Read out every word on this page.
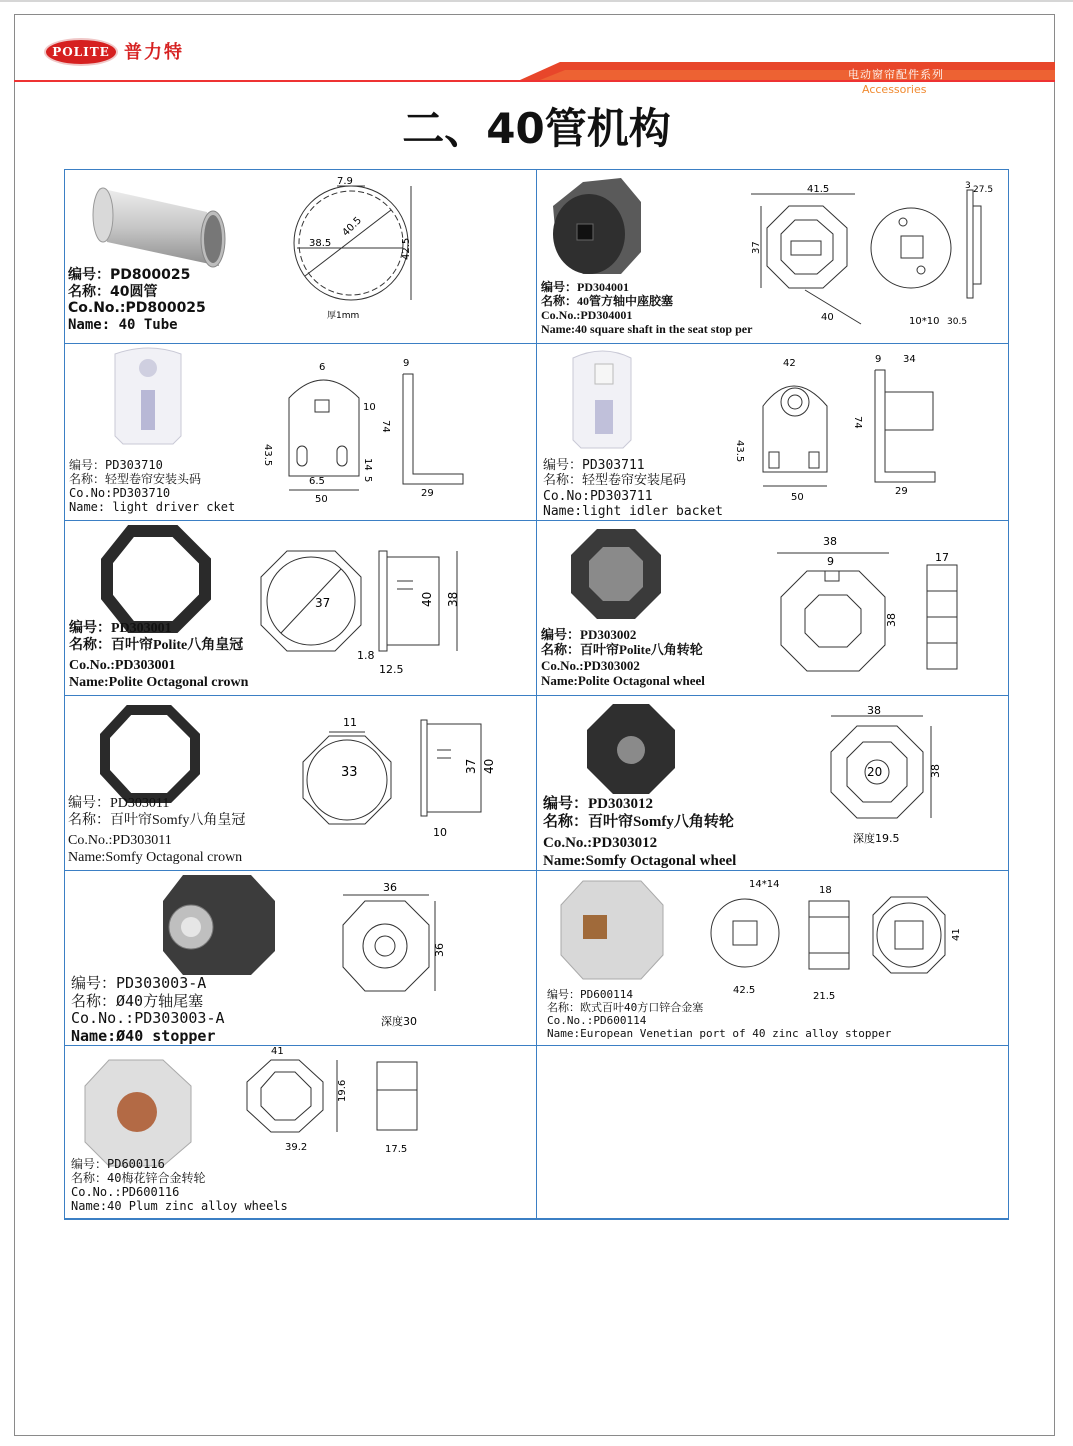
POLITE 普力特
电动窗帘配件系列
Accessories
二、40管机构
7.9
40.5
38.5	42.5
厚1mm
编号：PD800025
名称：40圆管
Co.No.:PD800025
Name: 40 Tube
41.5
37
40	10*10
3 27.5
30.5
编号：PD304001
名称：40管方轴中座胶塞
Co.No.:PD304001
Name:40 square shaft in the seat stop per
6
10
43.5
6.5
50
14
5
9
74
29
编号：PD303710
名称：轻型卷帘安装头码
Co.No:PD303710
Name: light driver cket
42
43.5
50
9 34
74
29
编号：PD303711
名称：轻型卷帘安装尾码
Co.No:PD303711
Name:light idler backet
37	40 38
1.8
12.5
编号：PD303001
名称：百叶帘Polite八角皇冠
Co.No.:PD303001
Name:Polite Octagonal crown
38
9
38
17
编号：PD303002
名称：百叶帘Polite八角转轮
Co.No.:PD303002
Name:Polite Octagonal wheel
11
33	37 40
10
编号：PD303011
名称：百叶帘Somfy八角皇冠
Co.No.:PD303011
Name:Somfy Octagonal crown
38
20	38
深度19.5
编号：PD303012
名称：百叶帘Somfy八角转轮
Co.No.:PD303012
Name:Somfy Octagonal wheel
36
36
深度30
编号：PD303003-A
名称：Ø40方轴尾塞
Co.No.:PD303003-A
Name:Ø40 stopper
14*14
42.5
18
21.5
41
编号：PD600114
名称：欧式百叶40方口锌合金塞
Co.No.:PD600114
Name:European Venetian port of 40 zinc alloy stopper
41
19.6
39.2	17.5
编号：PD600116
名称：40梅花锌合金转轮
Co.No.:PD600116
Name:40 Plum zinc alloy wheels
